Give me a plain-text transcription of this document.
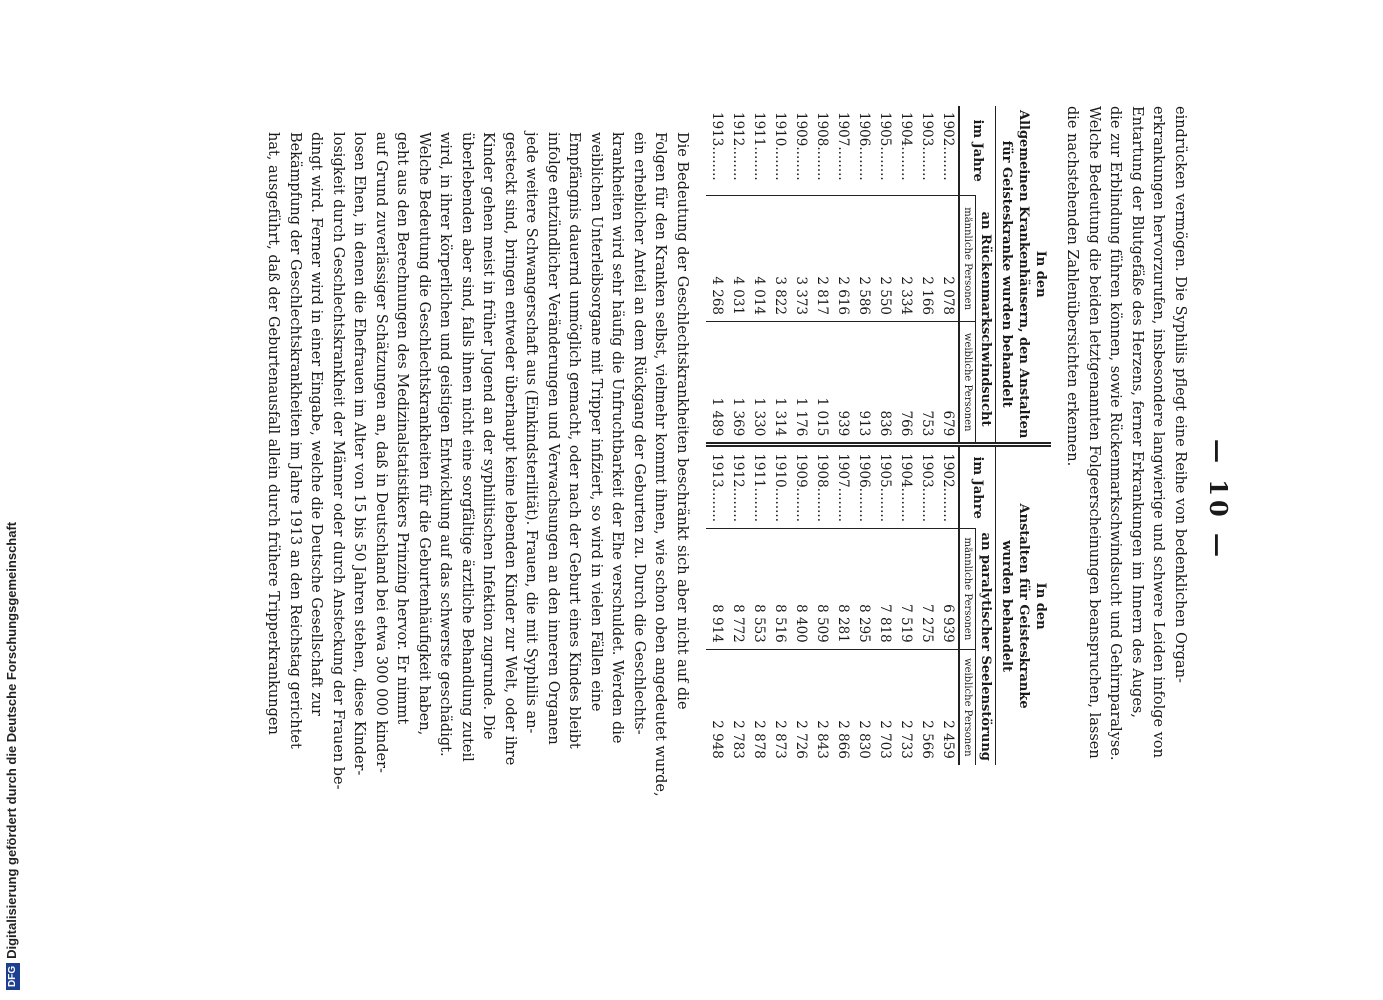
DFGDigitalisierung gefördert durch die Deutsche Forschungsgemeinschaft
— 10 —

eindrücken vermögen. Die Syphilis pflegt eine Reihe von bedenklichen Organ-
erkrankungen hervorzurufen, insbesondere langwierige und schwere Leiden infolge von
Entartung der Blutgefäße des Herzens, ferner Erkrankungen im Innern des Auges,
die zur Erblindung führen können, sowie Rückenmarkschwindsucht und Gehirnparalyse.
Welche Bedeutung die beiden letztgenannten Folgeerscheinungen beanspruchen, lassen
die nachstehenden Zahlenübersichten erkennen.

In den
Allgemeinen Krankenhäusern, den Anstalten
für Geisteskranke wurden behandelt		

im Jahre	an Rückenmarkschwindsucht	
	männliche Personen	weibliche Personen
1902........	2 078	679
1903........	2 166	753
1904........	2 334	766
1905........	2 550	836
1906........	2 586	913
1907........	2 616	939
1908........	2 817	1 015
1909........	3 373	1 176
1910........	3 822	1 314
1911........	4 014	1 330
1912........	4 031	1 369
1913........	4 268	1 489
In den
Anstalten für Geisteskranke
wurden behandelt		

im Jahre	an paralytischer Seelenstörung	
	männliche Personen	weibliche Personen
1902........	6 939	2 459
1903........	7 275	2 566
1904........	7 519	2 733
1905........	7 818	2 703
1906........	8 295	2 830
1907........	8 281	2 866
1908........	8 509	2 843
1909........	8 400	2 726
1910........	8 516	2 873
1911........	8 553	2 878
1912........	8 772	2 783
1913........	8 914	2 948

Die Bedeutung der Geschlechtskrankheiten beschränkt sich aber nicht auf die
Folgen für den Kranken selbst, vielmehr kommt ihnen, wie schon oben angedeutet wurde,
ein erheblicher Anteil an dem Rückgang der Geburten zu. Durch die Geschlechts-
krankheiten wird sehr häufig die Unfruchtbarkeit der Ehe verschuldet. Werden die
weiblichen Unterleibsorgane mit Tripper infiziert, so wird in vielen Fällen eine
Empfängnis dauernd unmöglich gemacht, oder nach der Geburt eines Kindes bleibt
infolge entzündlicher Veränderungen und Verwachsungen an den inneren Organen
jede weitere Schwangerschaft aus (Einkindsterilität). Frauen, die mit Syphilis an-
gesteckt sind, bringen entweder überhaupt keine lebenden Kinder zur Welt, oder ihre
Kinder gehen meist in früher Jugend an der syphilitischen Infektion zugrunde. Die
überlebenden aber sind, falls ihnen nicht eine sorgfältige ärztliche Behandlung zuteil
wird, in ihrer körperlichen und geistigen Entwicklung auf das schwerste geschädigt.

Welche Bedeutung die Geschlechtskrankheiten für die Geburtenhäufigkeit haben,
geht aus den Berechnungen des Medizinalstatistikers Prinzing hervor. Er nimmt
auf Grund zuverlässiger Schätzungen an, daß in Deutschland bei etwa 300 000 kinder-
losen Ehen, in denen die Ehefrauen im Alter von 15 bis 50 Jahren stehen, diese Kinder-
losigkeit durch Geschlechtskrankheit der Männer oder durch Ansteckung der Frauen be-
dingt wird. Ferner wird in einer Eingabe, welche die Deutsche Gesellschaft zur
Bekämpfung der Geschlechtskrankheiten im Jahre 1913 an den Reichstag gerichtet
hat, ausgeführt, daß der Geburtenausfall allein durch frühere Tripperkrankungen
